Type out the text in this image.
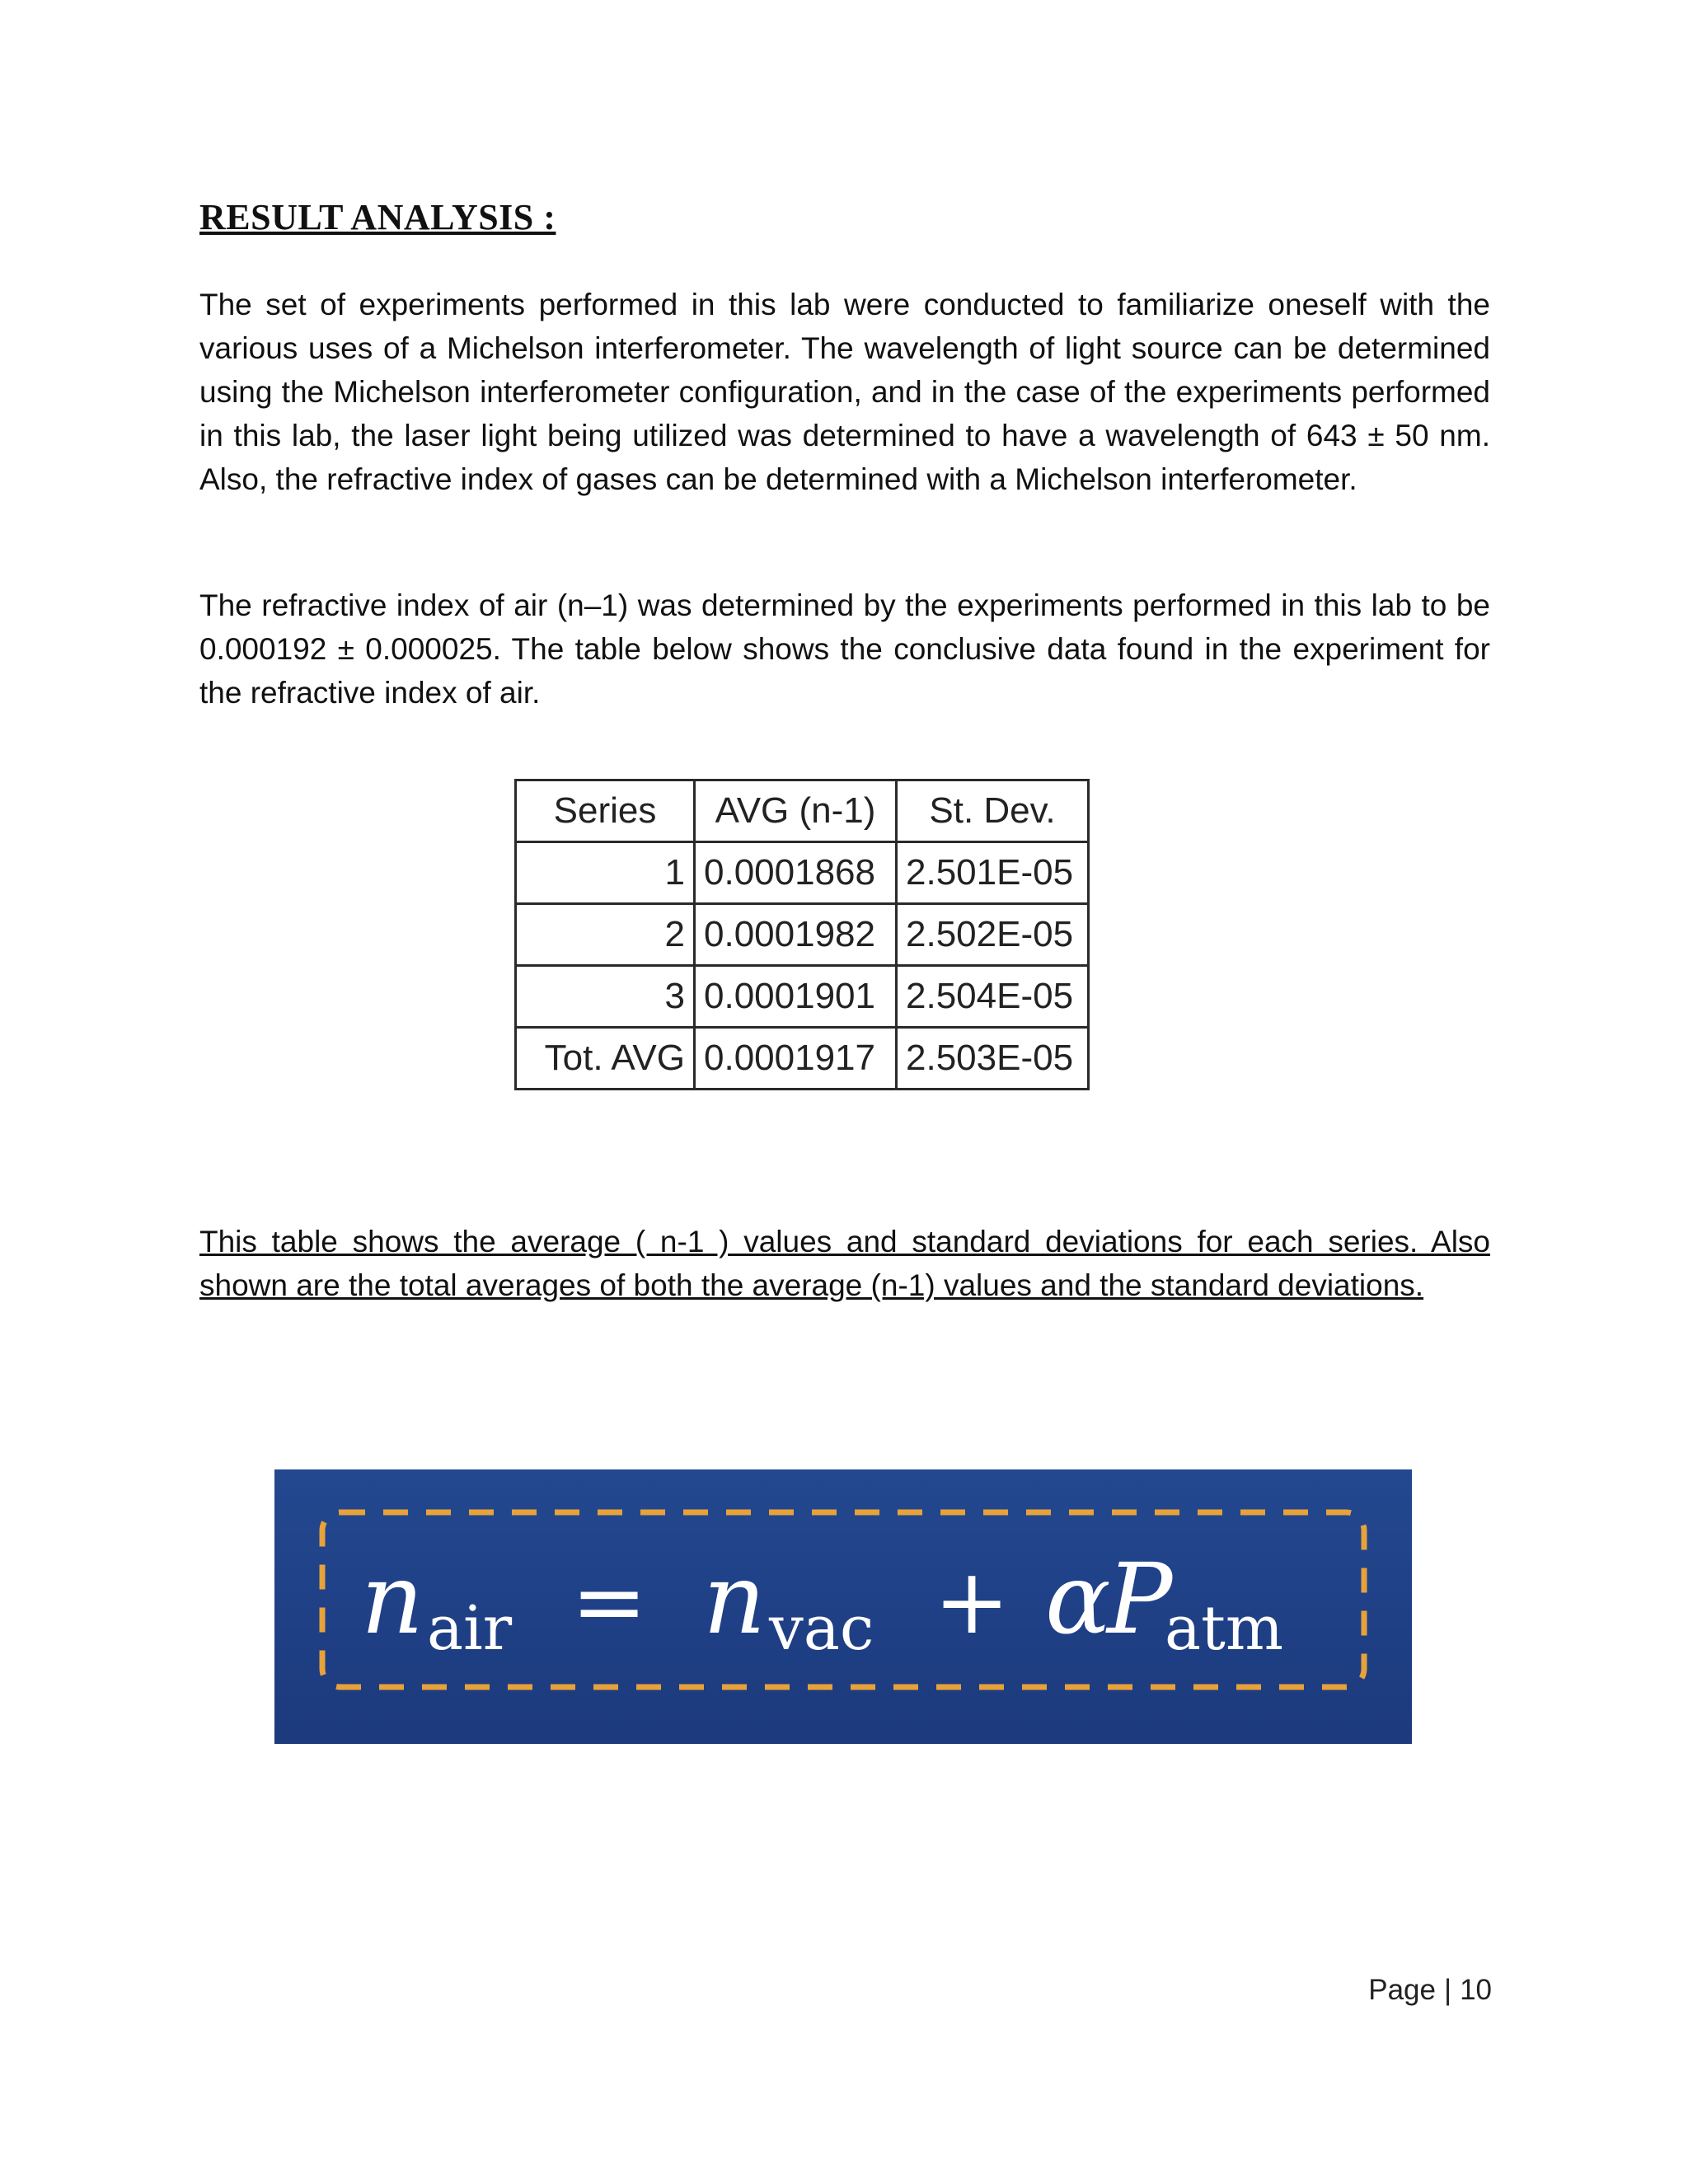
RESULT ANALYSIS :

The set of experiments performed in this lab were conducted to familiarize oneself with the various uses of a Michelson interferometer. The wavelength of light source can be determined using the Michelson interferometer configuration, and in the case of the experiments performed in this lab, the laser light being utilized was determined to have a wavelength of 643 ± 50 nm. Also, the refractive index of gases can be determined with a Michelson interferometer.

The refractive index of air (n–1) was determined by the experiments performed in this lab to be 0.000192 ± 0.000025. The table below shows the conclusive data found in the experiment for the refractive index of air.

Series	AVG (n-1)	St. Dev.
1	0.0001868	2.501E-05
2	0.0001982	2.502E-05
3	0.0001901	2.504E-05
Tot. AVG	0.0001917	2.503E-05

This table shows the average ( n-1 ) values and standard deviations for each series. Also shown are the total averages of both the average (n-1) values and the standard deviations.

n air = n vac + α
P
atm
Page | 10
